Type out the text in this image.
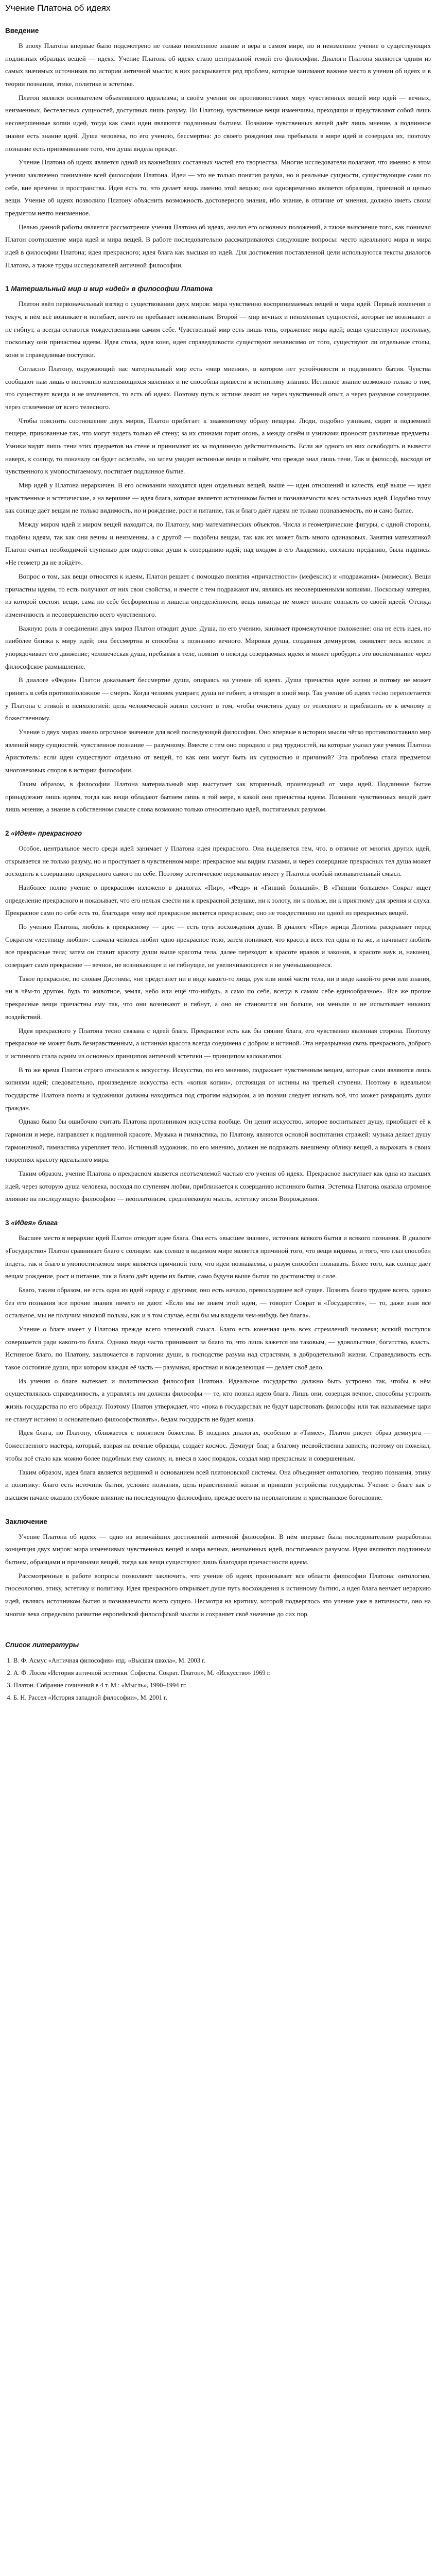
Учение Платона об идеях
Введение

В эпоху Платона впервые было подсмотрено не только неизменное знание и вера в самом мире, но и неизменное учение о существующих подлинных образцах вещей — идеях. Учение Платона об идеях стало центральной темой его философии. Диалоги Платона являются одним из самых значимых источников по истории античной мысли; в них раскрывается ряд проблем, которые занимают важное место в учении об идеях и в теории познания, этике, политике и эстетике.

Платон являлся основателем объективного идеализма; в своём учении он противопоставил миру чувственных вещей мир идей — вечных, неизменных, бестелесных сущностей, доступных лишь разуму. По Платону, чувственные вещи изменчивы, преходящи и представляют собой лишь несовершенные копии идей, тогда как сами идеи являются подлинным бытием. Познание чувственных вещей даёт лишь мнение, а подлинное знание есть знание идей. Душа человека, по его учению, бессмертна: до своего рождения она пребывала в мире идей и созерцала их, поэтому познание есть припоминание того, что душа видела прежде.

Учение Платона об идеях является одной из важнейших составных частей его творчества. Многие исследователи полагают, что именно в этом учении заключено понимание всей философии Платона. Идеи — это не только понятия разума, но и реальные сущности, существующие сами по себе, вне времени и пространства. Идея есть то, что делает вещь именно этой вещью; она одновременно является образцом, причиной и целью вещи. Учение об идеях позволило Платону объяснить возможность достоверного знания, ибо знание, в отличие от мнения, должно иметь своим предметом нечто неизменное.

Целью данной работы является рассмотрение учения Платона об идеях, анализ его основных положений, а также выяснение того, как понимал Платон соотношение мира идей и мира вещей. В работе последовательно рассматриваются следующие вопросы: место идеального мира и мира идей в философии Платона; идея прекрасного; идея блага как высшая из идей. Для достижения поставленной цели используются тексты диалогов Платона, а также труды исследователей античной философии.

1 Материальный мир и мир «идей» в философии Платона

Платон ввёл первоначальный взгляд о существовании двух миров: мира чувственно воспринимаемых вещей и мира идей. Первый изменчив и текуч, в нём всё возникает и погибает, ничто не пребывает неизменным. Второй — мир вечных и неизменных сущностей, которые не возникают и не гибнут, а всегда остаются тождественными самим себе. Чувственный мир есть лишь тень, отражение мира идей; вещи существуют постольку, поскольку они причастны идеям. Идея стола, идея коня, идея справедливости существуют независимо от того, существуют ли отдельные столы, кони и справедливые поступки.

Согласно Платону, окружающий нас материальный мир есть «мир мнения», в котором нет устойчивости и подлинного бытия. Чувства сообщают нам лишь о постоянно изменяющихся явлениях и не способны привести к истинному знанию. Истинное знание возможно только о том, что существует всегда и не изменяется, то есть об идеях. Поэтому путь к истине лежит не через чувственный опыт, а через разумное созерцание, через отвлечение от всего телесного.

Чтобы пояснить соотношение двух миров, Платон прибегает к знаменитому образу пещеры. Люди, подобно узникам, сидят в подземной пещере, прикованные так, что могут видеть только её стену; за их спинами горит огонь, а между огнём и узниками проносят различные предметы. Узники видят лишь тени этих предметов на стене и принимают их за подлинную действительность. Если же одного из них освободить и вывести наверх, к солнцу, то поначалу он будет ослеплён, но затем увидит истинные вещи и поймёт, что прежде знал лишь тени. Так и философ, восходя от чувственного к умопостигаемому, постигает подлинное бытие.

Мир идей у Платона иерархичен. В его основании находятся идеи отдельных вещей, выше — идеи отношений и качеств, ещё выше — идеи нравственные и эстетические, а на вершине — идея блага, которая является источником бытия и познаваемости всех остальных идей. Подобно тому как солнце даёт вещам не только видимость, но и рождение, рост и питание, так и благо даёт идеям не только познаваемость, но и само бытие.

Между миром идей и миром вещей находится, по Платону, мир математических объектов. Числа и геометрические фигуры, с одной стороны, подобны идеям, так как они вечны и неизменны, а с другой — подобны вещам, так как их может быть много одинаковых. Занятия математикой Платон считал необходимой ступенью для подготовки души к созерцанию идей; над входом в его Академию, согласно преданию, была надпись: «Не геометр да не войдёт».

Вопрос о том, как вещи относятся к идеям, Платон решает с помощью понятия «причастности» (мефексис) и «подражания» (мимесис). Вещи причастны идеям, то есть получают от них свои свойства, и вместе с тем подражают им, являясь их несовершенными копиями. Поскольку материя, из которой состоят вещи, сама по себе бесформенна и лишена определённости, вещь никогда не может вполне совпасть со своей идеей. Отсюда изменчивость и несовершенство всего чувственного.

Важную роль в соединении двух миров Платон отводит душе. Душа, по его учению, занимает промежуточное положение: она не есть идея, но наиболее близка к миру идей; она бессмертна и способна к познанию вечного. Мировая душа, созданная демиургом, оживляет весь космос и упорядочивает его движение; человеческая душа, пребывая в теле, помнит о некогда созерцаемых идеях и может пробудить это воспоминание через философское размышление.

В диалоге «Федон» Платон доказывает бессмертие души, опираясь на учение об идеях. Душа причастна идее жизни и потому не может принять в себя противоположное — смерть. Когда человек умирает, душа не гибнет, а отходит в иной мир. Так учение об идеях тесно переплетается у Платона с этикой и психологией: цель человеческой жизни состоит в том, чтобы очистить душу от телесного и приблизить её к вечному и божественному.

Учение о двух мирах имело огромное значение для всей последующей философии. Оно впервые в истории мысли чётко противопоставило мир явлений миру сущностей, чувственное познание — разумному. Вместе с тем оно породило и ряд трудностей, на которые указал уже ученик Платона Аристотель: если идеи существуют отдельно от вещей, то как они могут быть их сущностью и причиной? Эта проблема стала предметом многовековых споров в истории философии.

Таким образом, в философии Платона материальный мир выступает как вторичный, производный от мира идей. Подлинное бытие принадлежит лишь идеям, тогда как вещи обладают бытием лишь в той мере, в какой они причастны идеям. Познание чувственных вещей даёт лишь мнение, а знание в собственном смысле слова возможно только относительно идей, постигаемых разумом.

2 «Идея» прекрасного

Особое, центральное место среди идей занимает у Платона идея прекрасного. Она выделяется тем, что, в отличие от многих других идей, открывается не только разуму, но и проступает в чувственном мире: прекрасное мы видим глазами, и через созерцание прекрасных тел душа может восходить к созерцанию прекрасного самого по себе. Поэтому эстетическое переживание имеет у Платона особый познавательный смысл.

Наиболее полно учение о прекрасном изложено в диалогах «Пир», «Федр» и «Гиппий больший». В «Гиппии большем» Сократ ищет определение прекрасного и показывает, что его нельзя свести ни к прекрасной девушке, ни к золоту, ни к пользе, ни к приятному для зрения и слуха. Прекрасное само по себе есть то, благодаря чему всё прекрасное является прекрасным; оно не тождественно ни одной из прекрасных вещей.

По учению Платона, любовь к прекрасному — эрос — есть путь восхождения души. В диалоге «Пир» жрица Диотима раскрывает перед Сократом «лестницу любви»: сначала человек любит одно прекрасное тело, затем понимает, что красота всех тел одна и та же, и начинает любить все прекрасные тела; затем он ставит красоту души выше красоты тела, далее переходит к красоте нравов и законов, к красоте наук и, наконец, созерцает само прекрасное — вечное, не возникающее и не гибнущее, не увеличивающееся и не уменьшающееся.

Такое прекрасное, по словам Диотимы, «не предстанет ни в виде какого-то лица, рук или иной части тела, ни в виде какой-то речи или знания, ни в чём-то другом, будь то животное, земля, небо или ещё что-нибудь, а само по себе, всегда в самом себе единообразное». Все же прочие прекрасные вещи причастны ему так, что они возникают и гибнут, а оно не становится ни больше, ни меньше и не испытывает никаких воздействий.

Идея прекрасного у Платона тесно связана с идеей блага. Прекрасное есть как бы сияние блага, его чувственно явленная сторона. Поэтому прекрасное не может быть безнравственным, а истинная красота всегда соединена с добром и истиной. Эта неразрывная связь прекрасного, доброго и истинного стала одним из основных принципов античной эстетики — принципом калокагатии.

В то же время Платон строго относился к искусству. Искусство, по его мнению, подражает чувственным вещам, которые сами являются лишь копиями идей; следовательно, произведение искусства есть «копия копии», отстоящая от истины на третьей ступени. Поэтому в идеальном государстве Платона поэты и художники должны находиться под строгим надзором, а из поэзии следует изгнать всё, что может развращать души граждан.

Однако было бы ошибочно считать Платона противником искусства вообще. Он ценит искусство, которое воспитывает душу, приобщает её к гармонии и мере, направляет к подлинной красоте. Музыка и гимнастика, по Платону, являются основой воспитания стражей: музыка делает душу гармоничной, гимнастика укрепляет тело. Истинный художник, по его мнению, должен не подражать внешнему облику вещей, а выражать в своих творениях красоту идеального мира.

Таким образом, учение Платона о прекрасном является неотъемлемой частью его учения об идеях. Прекрасное выступает как одна из высших идей, через которую душа человека, восходя по ступеням любви, приближается к созерцанию истинного бытия. Эстетика Платона оказала огромное влияние на последующую философию — неоплатонизм, средневековую мысль, эстетику эпохи Возрождения.

3 «Идея» блага

Высшее место в иерархии идей Платон отводит идее блага. Она есть «высшее знание», источник всякого бытия и всякого познания. В диалоге «Государство» Платон сравнивает благо с солнцем: как солнце в видимом мире является причиной того, что вещи видимы, и того, что глаз способен видеть, так и благо в умопостигаемом мире является причиной того, что идеи познаваемы, а разум способен познавать. Более того, как солнце даёт вещам рождение, рост и питание, так и благо даёт идеям их бытие, само будучи выше бытия по достоинству и силе.

Благо, таким образом, не есть одна из идей наряду с другими; оно есть начало, превосходящее всё сущее. Познать благо труднее всего, однако без его познания все прочие знания ничего не дают. «Если мы не знаем этой идеи, — говорит Сократ в «Государстве», — то, даже зная всё остальное, мы не получим никакой пользы, как и в том случае, если бы мы владели чем-нибудь без блага».

Учение о благе имеет у Платона прежде всего этический смысл. Благо есть конечная цель всех стремлений человека; всякий поступок совершается ради какого-то блага. Однако люди часто принимают за благо то, что лишь кажется им таковым, — удовольствие, богатство, власть. Истинное благо, по Платону, заключается в гармонии души, в господстве разума над страстями, в добродетельной жизни. Справедливость есть такое состояние души, при котором каждая её часть — разумная, яростная и вожделеющая — делает своё дело.

Из учения о благе вытекает и политическая философия Платона. Идеальное государство должно быть устроено так, чтобы в нём осуществлялась справедливость, а управлять им должны философы — те, кто познал идею блага. Лишь они, созерцая вечное, способны устроить жизнь государства по его образцу. Поэтому Платон утверждает, что «пока в государствах не будут царствовать философы или так называемые цари не станут истинно и основательно философствовать», бедам государств не будет конца.

Идея блага, по Платону, сближается с понятием божества. В поздних диалогах, особенно в «Тимее», Платон рисует образ демиурга — божественного мастера, который, взирая на вечные образцы, создаёт космос. Демиург благ, а благому несвойственна зависть; поэтому он пожелал, чтобы всё стало как можно более подобным ему самому, и, внеся в хаос порядок, создал мир прекрасным и совершенным.

Таким образом, идея блага является вершиной и основанием всей платоновской системы. Она объединяет онтологию, теорию познания, этику и политику: благо есть источник бытия, условие познания, цель нравственной жизни и принцип устройства государства. Учение о благе как о высшем начале оказало глубокое влияние на последующую философию, прежде всего на неоплатонизм и христианское богословие.

Заключение

Учение Платона об идеях — одно из величайших достижений античной философии. В нём впервые была последовательно разработана концепция двух миров: мира изменчивых чувственных вещей и мира вечных, неизменных идей, постигаемых разумом. Идеи являются подлинным бытием, образцами и причинами вещей, тогда как вещи существуют лишь благодаря причастности идеям.

Рассмотренные в работе вопросы позволяют заключить, что учение об идеях пронизывает все области философии Платона: онтологию, гносеологию, этику, эстетику и политику. Идея прекрасного открывает душе путь восхождения к истинному бытию, а идея блага венчает иерархию идей, являясь источником бытия и познаваемости всего сущего. Несмотря на критику, которой подверглось это учение уже в античности, оно на многие века определило развитие европейской философской мысли и сохраняет своё значение до сих пор.

Список литературы
1. В. Ф. Асмус «Античная философия» изд. «Высшая школа», М. 2003 г.
2. А. Ф. Лосев «История античной эстетики. Софисты. Сократ. Платон», М. «Искусство» 1969 г.
3. Платон. Собрание сочинений в 4 т. М.: «Мысль», 1990–1994 гг.
4. Б. Н. Рассел «История западной философии», М. 2001 г.
